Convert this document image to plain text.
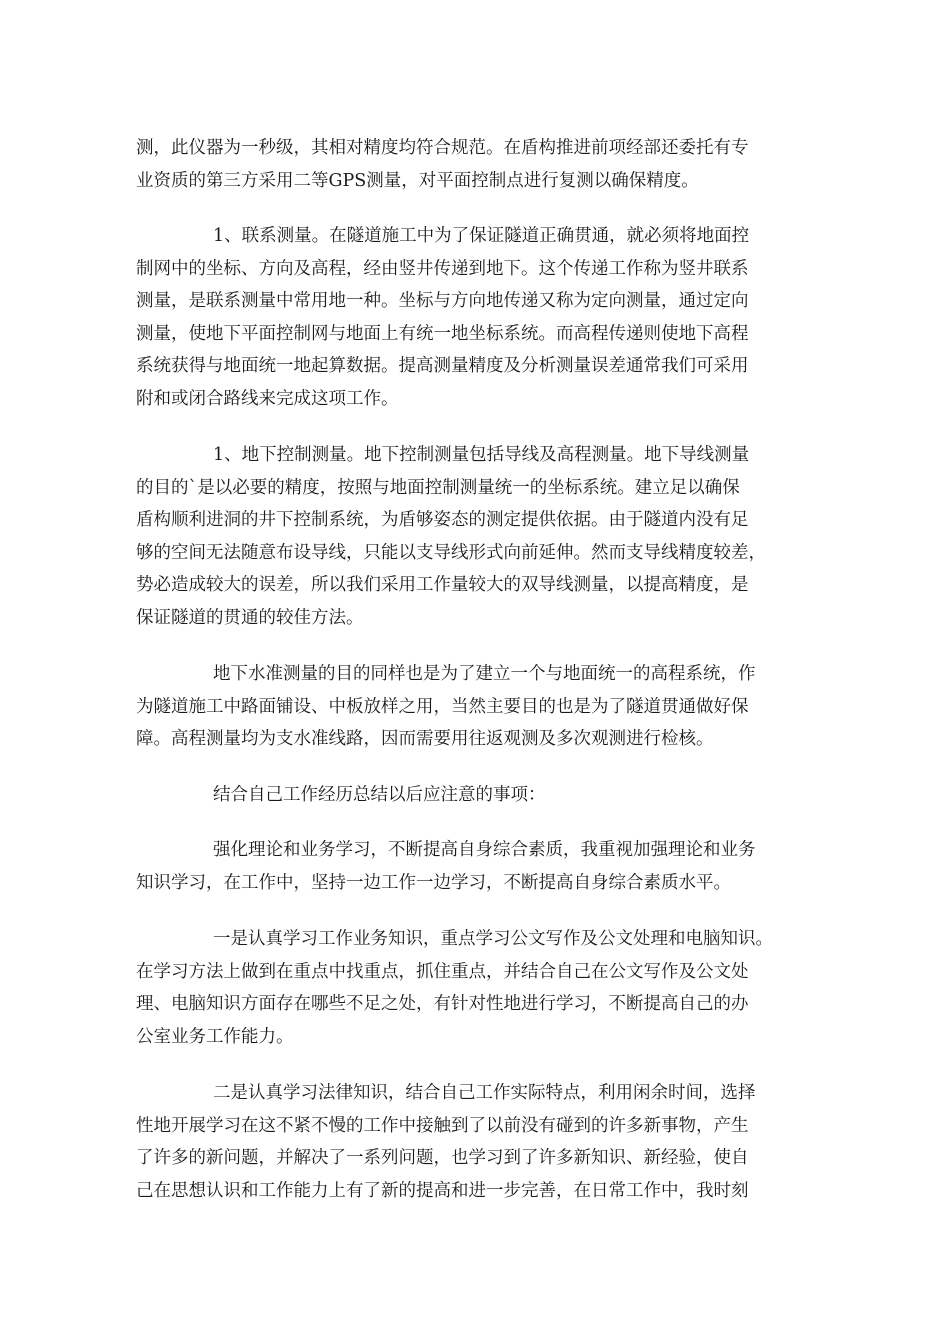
测，此仪器为一秒级，其相对精度均符合规范。在盾构推进前项经部还委托有专
业资质的第三方采用二等GPS测量，对平面控制点进行复测以确保精度。

1、联系测量。在隧道施工中为了保证隧道正确贯通，就必须将地面控
制网中的坐标、方向及高程，经由竖井传递到地下。这个传递工作称为竖井联系
测量，是联系测量中常用地一种。坐标与方向地传递又称为定向测量，通过定向
测量，使地下平面控制网与地面上有统一地坐标系统。而高程传递则使地下高程
系统获得与地面统一地起算数据。提高测量精度及分析测量误差通常我们可采用
附和或闭合路线来完成这项工作。

1、地下控制测量。地下控制测量包括导线及高程测量。地下导线测量
的目的`是以必要的精度，按照与地面控制测量统一的坐标系统。建立足以确保
盾构顺利进洞的井下控制系统，为盾够姿态的测定提供依据。由于隧道内没有足
够的空间无法随意布设导线，只能以支导线形式向前延伸。然而支导线精度较差，
势必造成较大的误差，所以我们采用工作量较大的双导线测量，以提高精度，是
保证隧道的贯通的较佳方法。

地下水准测量的目的同样也是为了建立一个与地面统一的高程系统，作
为隧道施工中路面铺设、中板放样之用，当然主要目的也是为了隧道贯通做好保
障。高程测量均为支水准线路，因而需要用往返观测及多次观测进行检核。

结合自己工作经历总结以后应注意的事项：

强化理论和业务学习，不断提高自身综合素质，我重视加强理论和业务
知识学习，在工作中，坚持一边工作一边学习，不断提高自身综合素质水平。

一是认真学习工作业务知识，重点学习公文写作及公文处理和电脑知识。
在学习方法上做到在重点中找重点，抓住重点，并结合自己在公文写作及公文处
理、电脑知识方面存在哪些不足之处，有针对性地进行学习，不断提高自己的办
公室业务工作能力。

二是认真学习法律知识，结合自己工作实际特点，利用闲余时间，选择
性地开展学习在这不紧不慢的工作中接触到了以前没有碰到的许多新事物，产生
了许多的新问题，并解决了一系列问题，也学习到了许多新知识、新经验，使自
己在思想认识和工作能力上有了新的提高和进一步完善，在日常工作中，我时刻
